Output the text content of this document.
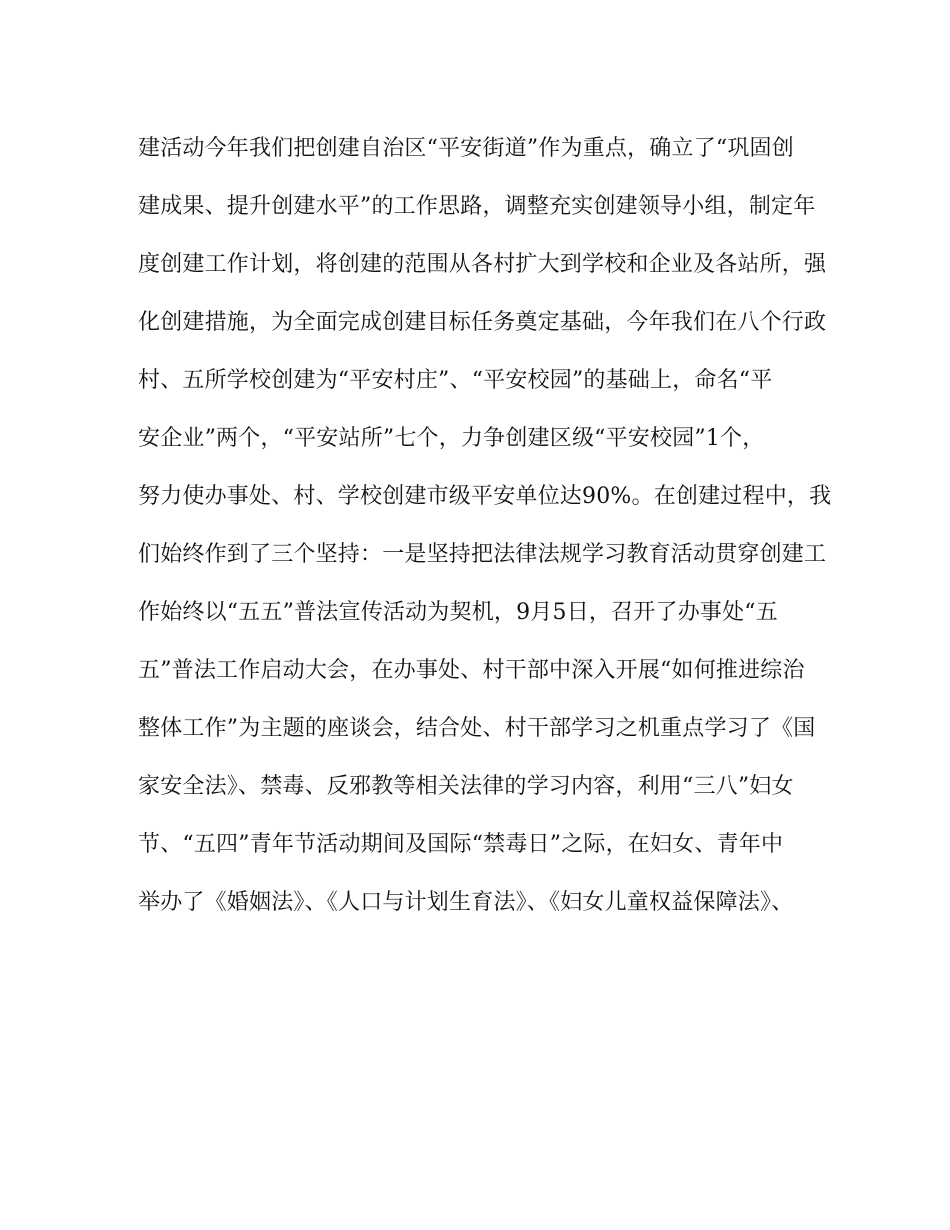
建活动今年我们把创建自治区“平安街道”作为重点，确立了“巩固创
建成果、提升创建水平”的工作思路，调整充实创建领导小组，制定年
度创建工作计划，将创建的范围从各村扩大到学校和企业及各站所，强
化创建措施，为全面完成创建目标任务奠定基础，今年我们在八个行政
村、五所学校创建为“平安村庄”、“平安校园”的基础上，命名“平
安企业”两个，“平安站所”七个，力争创建区级“平安校园”1个，
努力使办事处、村、学校创建市级平安单位达90%。在创建过程中，我
们始终作到了三个坚持：一是坚持把法律法规学习教育活动贯穿创建工
作始终以“五五”普法宣传活动为契机，9月5日，召开了办事处“五
五”普法工作启动大会，在办事处、村干部中深入开展“如何推进综治
整体工作”为主题的座谈会，结合处、村干部学习之机重点学习了《国
家安全法》、禁毒、反邪教等相关法律的学习内容，利用“三八”妇女
节、“五四”青年节活动期间及国际“禁毒日”之际，在妇女、青年中
举办了《婚姻法》、《人口与计划生育法》、《妇女儿童权益保障法》、
